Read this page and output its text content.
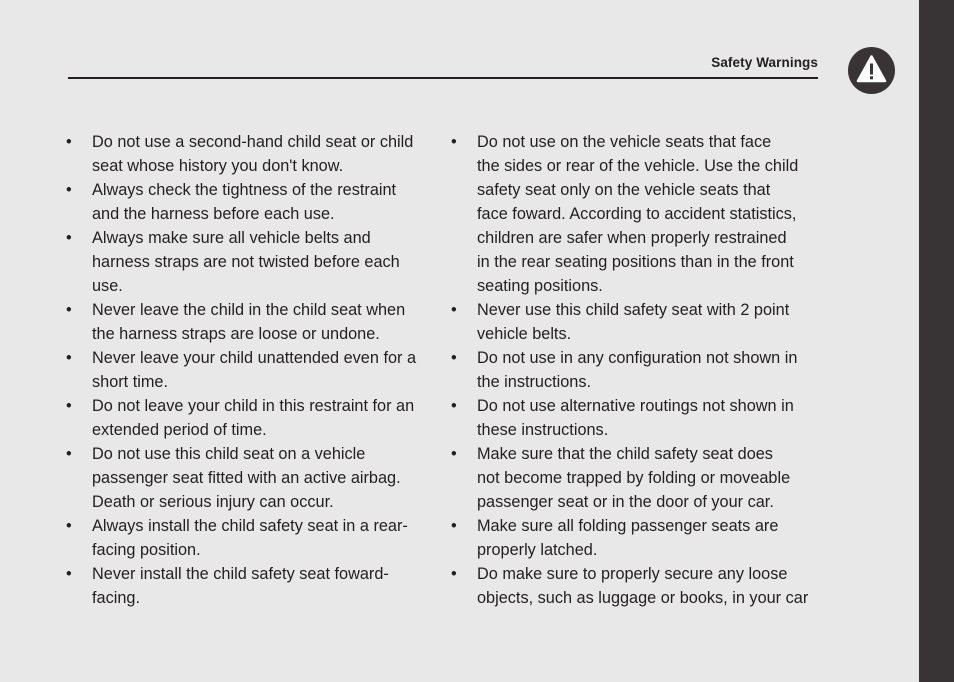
Safety Warnings
•	Do not use a second-hand child seat or child
seat whose history you don't know.
•	Always check the tightness of the restraint
and the harness before each use.
•	Always make sure all vehicle belts and
harness straps are not twisted before each
use.
•	Never leave the child in the child seat when
the harness straps are loose or undone.
•	Never leave your child unattended even for a
short time.
•	Do not leave your child in this restraint for an
extended period of time.
•	Do not use this child seat on a vehicle
passenger seat fitted with an active airbag.
Death or serious injury can occur.
•	Always install the child safety seat in a rear-
facing position.
•	Never install the child safety seat foward-
facing.
•	Do not use on the vehicle seats that face
the sides or rear of the vehicle. Use the child
safety seat only on the vehicle seats that
face foward. According to accident statistics,
children are safer when properly restrained
in the rear seating positions than in the front
seating positions.
•	Never use this child safety seat with 2 point
vehicle belts.
•	Do not use in any configuration not shown in
the instructions.
•	Do not use alternative routings not shown in
these instructions.
•	Make sure that the child safety seat does
not become trapped by folding or moveable
passenger seat or in the door of your car.
•	Make sure all folding passenger seats are
properly latched.
•	Do make sure to properly secure any loose
objects, such as luggage or books, in your car
